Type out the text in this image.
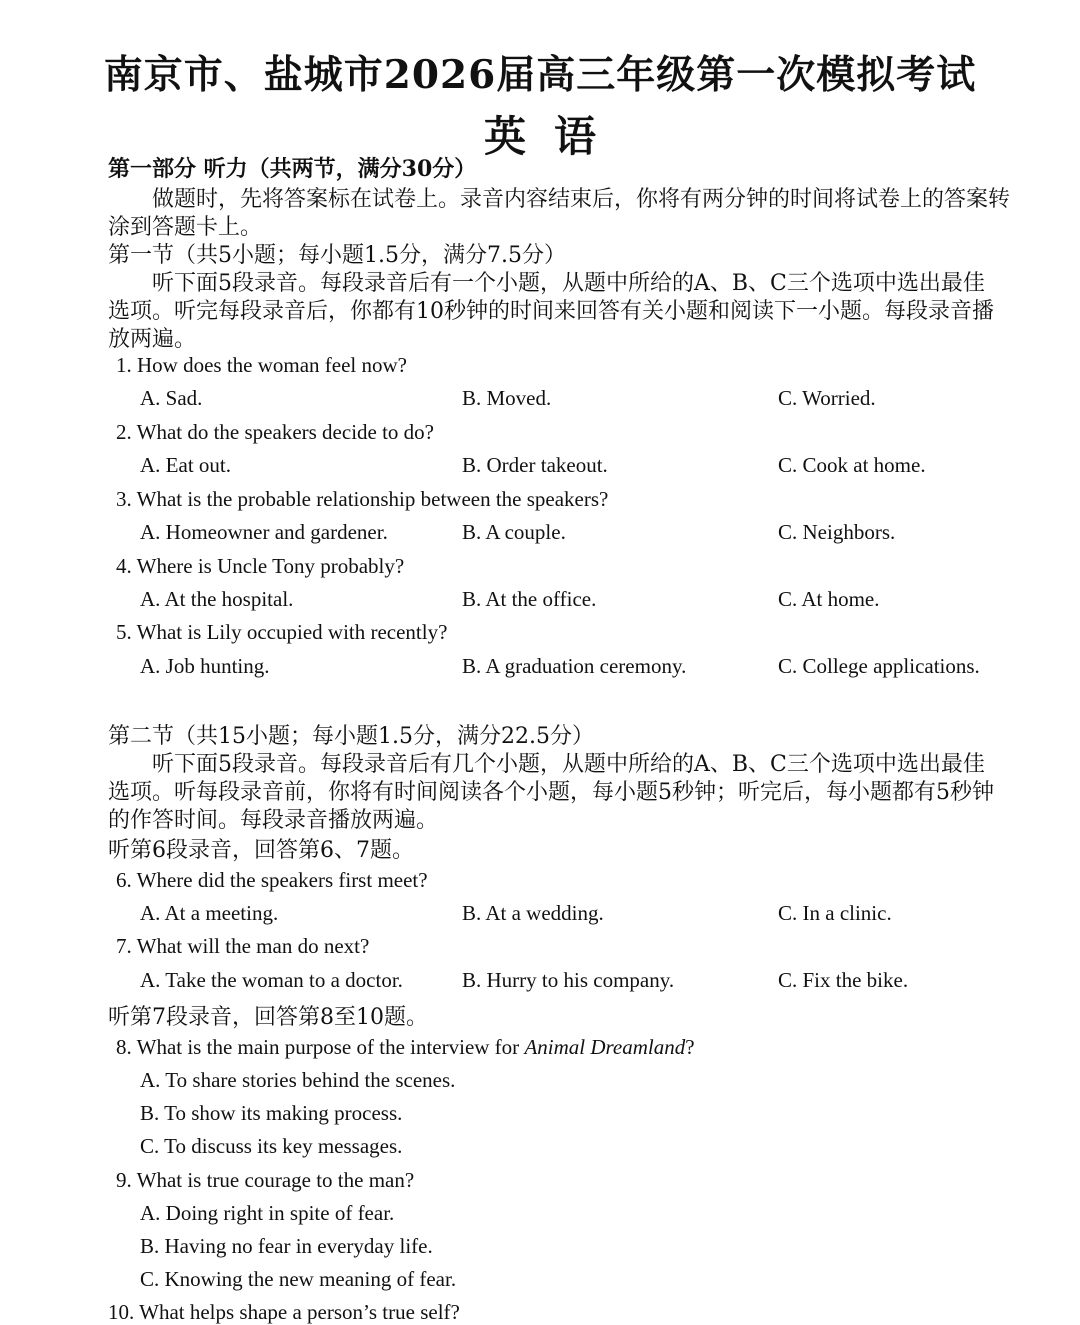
南京市、盐城市2026届高三年级第一次模拟考试
英语
第一部分 听力（共两节，满分30分）
做题时，先将答案标在试卷上。录音内容结束后，你将有两分钟的时间将试卷上的答案转
涂到答题卡上。
第一节（共5小题；每小题1.5分，满分7.5分）
听下面5段录音。每段录音后有一个小题，从题中所给的A、B、C三个选项中选出最佳
选项。听完每段录音后，你都有10秒钟的时间来回答有关小题和阅读下一小题。每段录音播
放两遍。
1. How does the woman feel now?
A. Sad.	B. Moved.	C. Worried.
2. What do the speakers decide to do?
A. Eat out.	B. Order takeout.	C. Cook at home.
3. What is the probable relationship between the speakers?
A. Homeowner and gardener.	B. A couple.	C. Neighbors.
4. Where is Uncle Tony probably?
A. At the hospital.	B. At the office.	C. At home.
5. What is Lily occupied with recently?
A. Job hunting.	B. A graduation ceremony.	C. College applications.
第二节（共15小题；每小题1.5分，满分22.5分）
听下面5段录音。每段录音后有几个小题，从题中所给的A、B、C三个选项中选出最佳
选项。听每段录音前，你将有时间阅读各个小题，每小题5秒钟；听完后，每小题都有5秒钟
的作答时间。每段录音播放两遍。
听第6段录音，回答第6、7题。
6. Where did the speakers first meet?
A. At a meeting.	B. At a wedding.	C. In a clinic.
7. What will the man do next?
A. Take the woman to a doctor.	B. Hurry to his company.	C. Fix the bike.
听第7段录音，回答第8至10题。
8. What is the main purpose of the interview for Animal Dreamland?
A. To share stories behind the scenes.
B. To show its making process.
C. To discuss its key messages.
9. What is true courage to the man?
A. Doing right in spite of fear.
B. Having no fear in everyday life.
C. Knowing the new meaning of fear.
10. What helps shape a person’s true self?
